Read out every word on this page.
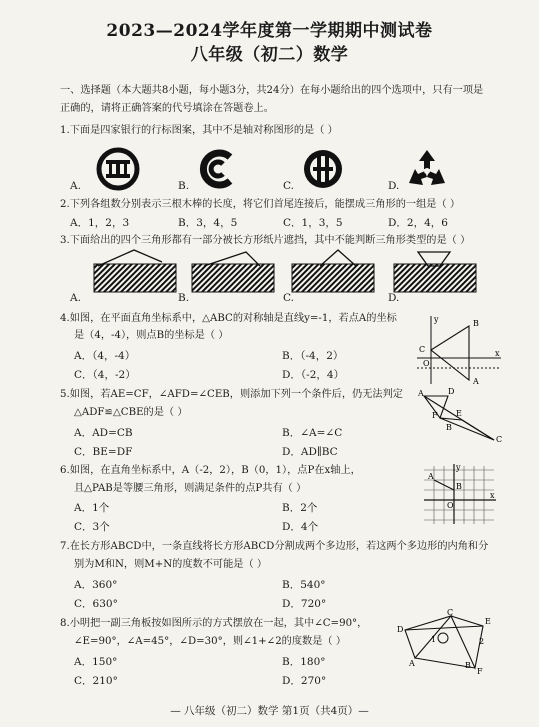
2023—2024学年度第一学期期中测试卷
八年级（初二）数学
一、选择题（本大题共8小题，每小题3分，共24分）在每小题给出的四个选项中，只有一项是
正确的，请将正确答案的代号填涂在答题卷上。
1.下面是四家银行的行标图案，其中不是轴对称图形的是（ ）
A.	B.	C.	D.
2.下列各组数分别表示三根木棒的长度，将它们首尾连接后，能摆成三角形的一组是（ ）
A．1，2，3	B．3，4，5	C．1，3，5	D．2，4，6
3.下面给出的四个三角形都有一部分被长方形纸片遮挡，其中不能判断三角形类型的是（ ）
A.	B.	C.	D.
4.如图，在平面直角坐标系中，△ABC的对称轴是直线y=-1，若点A的坐标
是（4，-4），则点B的坐标是（ ）
A．（4，-4）	B．（-4，2）
C．（4，-2）	D．（-2，4）
B
A
C
O
x
y
5.如图，若AE=CF，∠AFD=∠CEB，则添加下列一个条件后，仍无法判定
△ADF≌△CBE的是（ ）
A．AD=CB	B．∠A=∠C
C．BE=DF	D．AD∥BC
A	D
F E
B
C
6.如图，在直角坐标系中，A（-2，2），B（0，1），点P在x轴上，
且△PAB是等腰三角形，则满足条件的点P共有（ ）
A．1个	B．2个
C．3个	D．4个
y
A
B
O
x
7.在长方形ABCD中，一条直线将长方形ABCD分割成两个多边形，若这两个多边形的内角和分
别为M和N，则M+N的度数不可能是（ ）
A．360°	B．540°
C．630°	D．720°
8.小明把一副三角板按如图所示的方式摆放在一起，其中∠C=90°，
∠E=90°，∠A=45°，∠D=30°，则∠1+∠2的度数是（ ）
A．150°	B．180°
C．210°	D．270°
C
E
D
1	2
A	B
F
— 八年级（初二）数学 第1页（共4页）—
